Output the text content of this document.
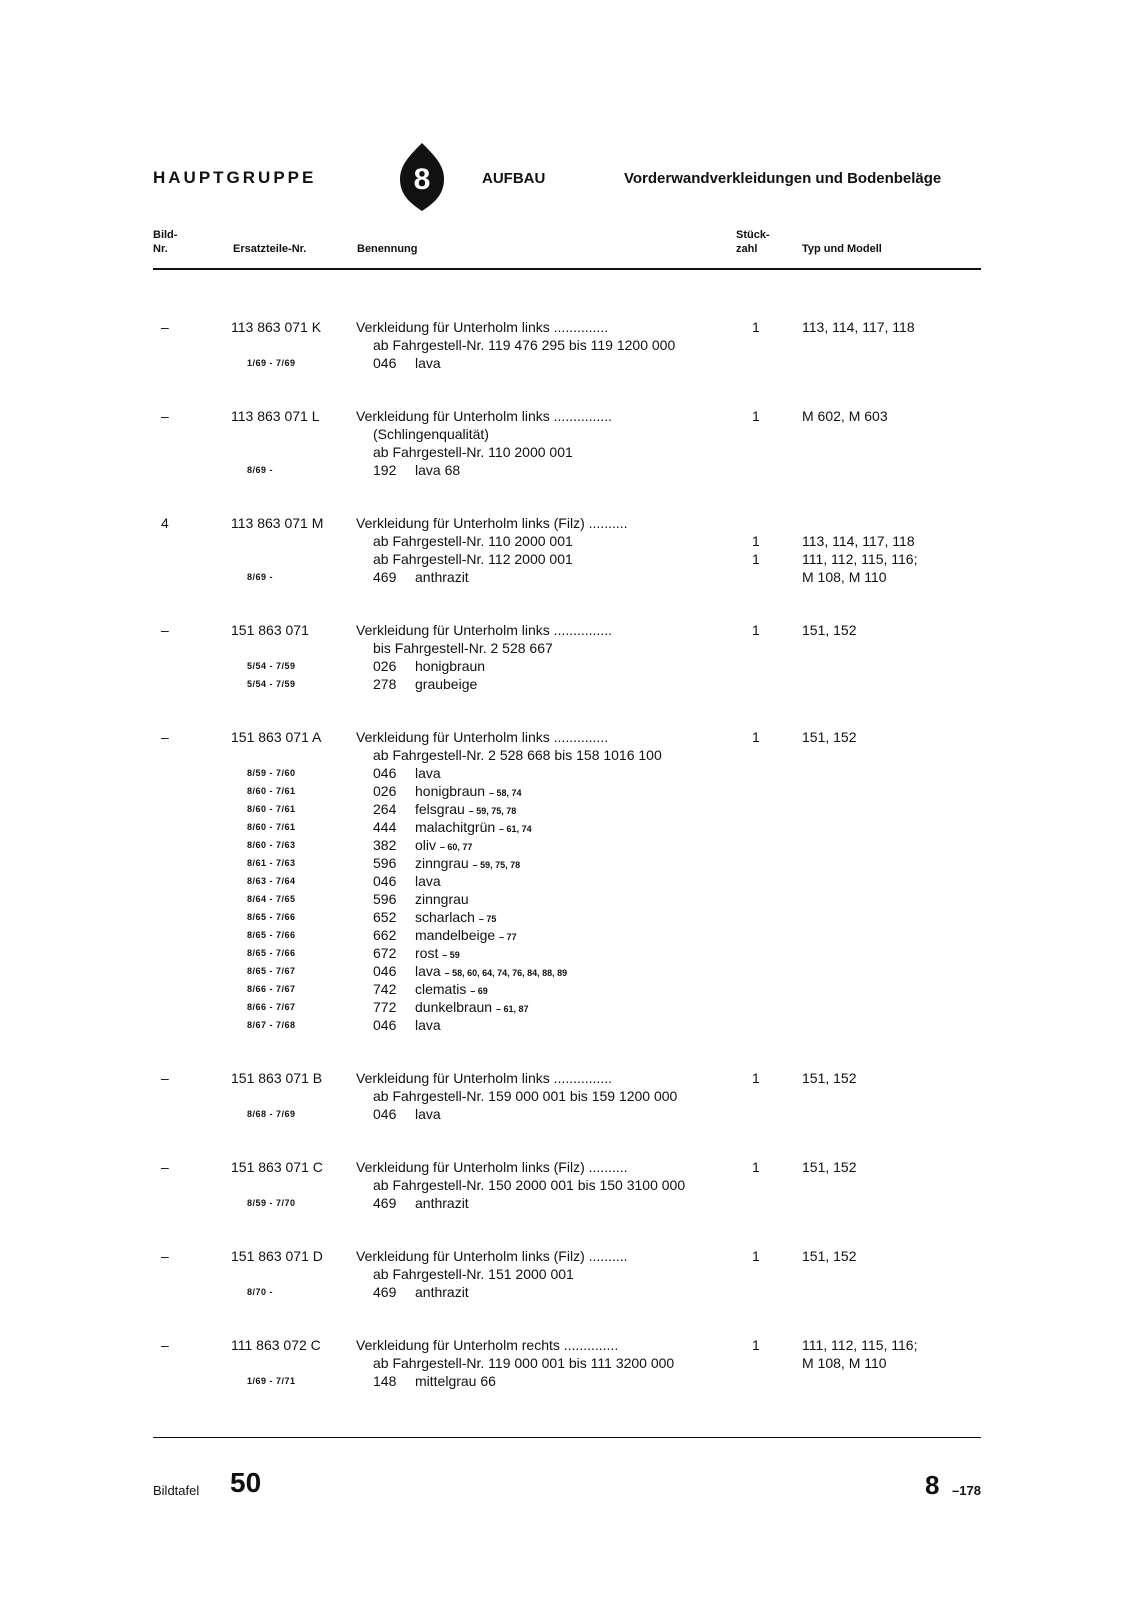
HAUPTGRUPPE	8	AUFBAU	Vorderwandverkleidungen und Bodenbeläge
Bild-
Nr.	Ersatzteile-Nr.	Benennung
Stück-
zahl	Typ und Modell
–	113 863 071 K Verkleidung für Unterholm links ..............	1	113, 114, 117, 118
ab Fahrgestell-Nr. 119 476 295 bis 119 1200 000
1/69 - 7/69	046 lava
–	113 863 071 L	Verkleidung für Unterholm links ...............	1	M 602, M 603
(Schlingenqualität)
ab Fahrgestell-Nr. 110 2000 001
8/69 -	192 lava 68
4	113 863 071 M Verkleidung für Unterholm links (Filz) ..........
ab Fahrgestell-Nr. 110 2000 001	1	113, 114, 117, 118
ab Fahrgestell-Nr. 112 2000 001	1	111, 112, 115, 116;
8/69 -	469 anthrazit	M 108, M 110
–	151 863 071	Verkleidung für Unterholm links ...............	1	151, 152
bis Fahrgestell-Nr. 2 528 667
5/54 - 7/59	026 honigbraun
5/54 - 7/59	278 graubeige
–	151 863 071 A Verkleidung für Unterholm links ..............	1	151, 152
ab Fahrgestell-Nr. 2 528 668 bis 158 1016 100
8/59 - 7/60	046 lava
8/60 - 7/61	026 honigbraun – 58, 74
8/60 - 7/61	264 felsgrau – 59, 75, 78
8/60 - 7/61	444 malachitgrün – 61, 74
8/60 - 7/63	382 oliv – 60, 77
8/61 - 7/63	596 zinngrau – 59, 75, 78
8/63 - 7/64	046 lava
8/64 - 7/65	596 zinngrau
8/65 - 7/66	652 scharlach – 75
8/65 - 7/66	662 mandelbeige – 77
8/65 - 7/66	672 rost – 59
8/65 - 7/67	046 lava – 58, 60, 64, 74, 76, 84, 88, 89
8/66 - 7/67	742 clematis – 69
8/66 - 7/67	772 dunkelbraun – 61, 87
8/67 - 7/68	046 lava
–	151 863 071 B Verkleidung für Unterholm links ...............	1	151, 152
ab Fahrgestell-Nr. 159 000 001 bis 159 1200 000
8/68 - 7/69	046 lava
–	151 863 071 C Verkleidung für Unterholm links (Filz) ..........	1	151, 152
ab Fahrgestell-Nr. 150 2000 001 bis 150 3100 000
8/59 - 7/70	469 anthrazit
–	151 863 071 D Verkleidung für Unterholm links (Filz) ..........	1	151, 152
ab Fahrgestell-Nr. 151 2000 001
8/70 -	469 anthrazit
–	111 863 072 C	Verkleidung für Unterholm rechts ..............	1	111, 112, 115, 116;
ab Fahrgestell-Nr. 119 000 001 bis 111 3200 000	M 108, M 110
1/69 - 7/71	148 mittelgrau 66
Bildtafel 50	8 –178
